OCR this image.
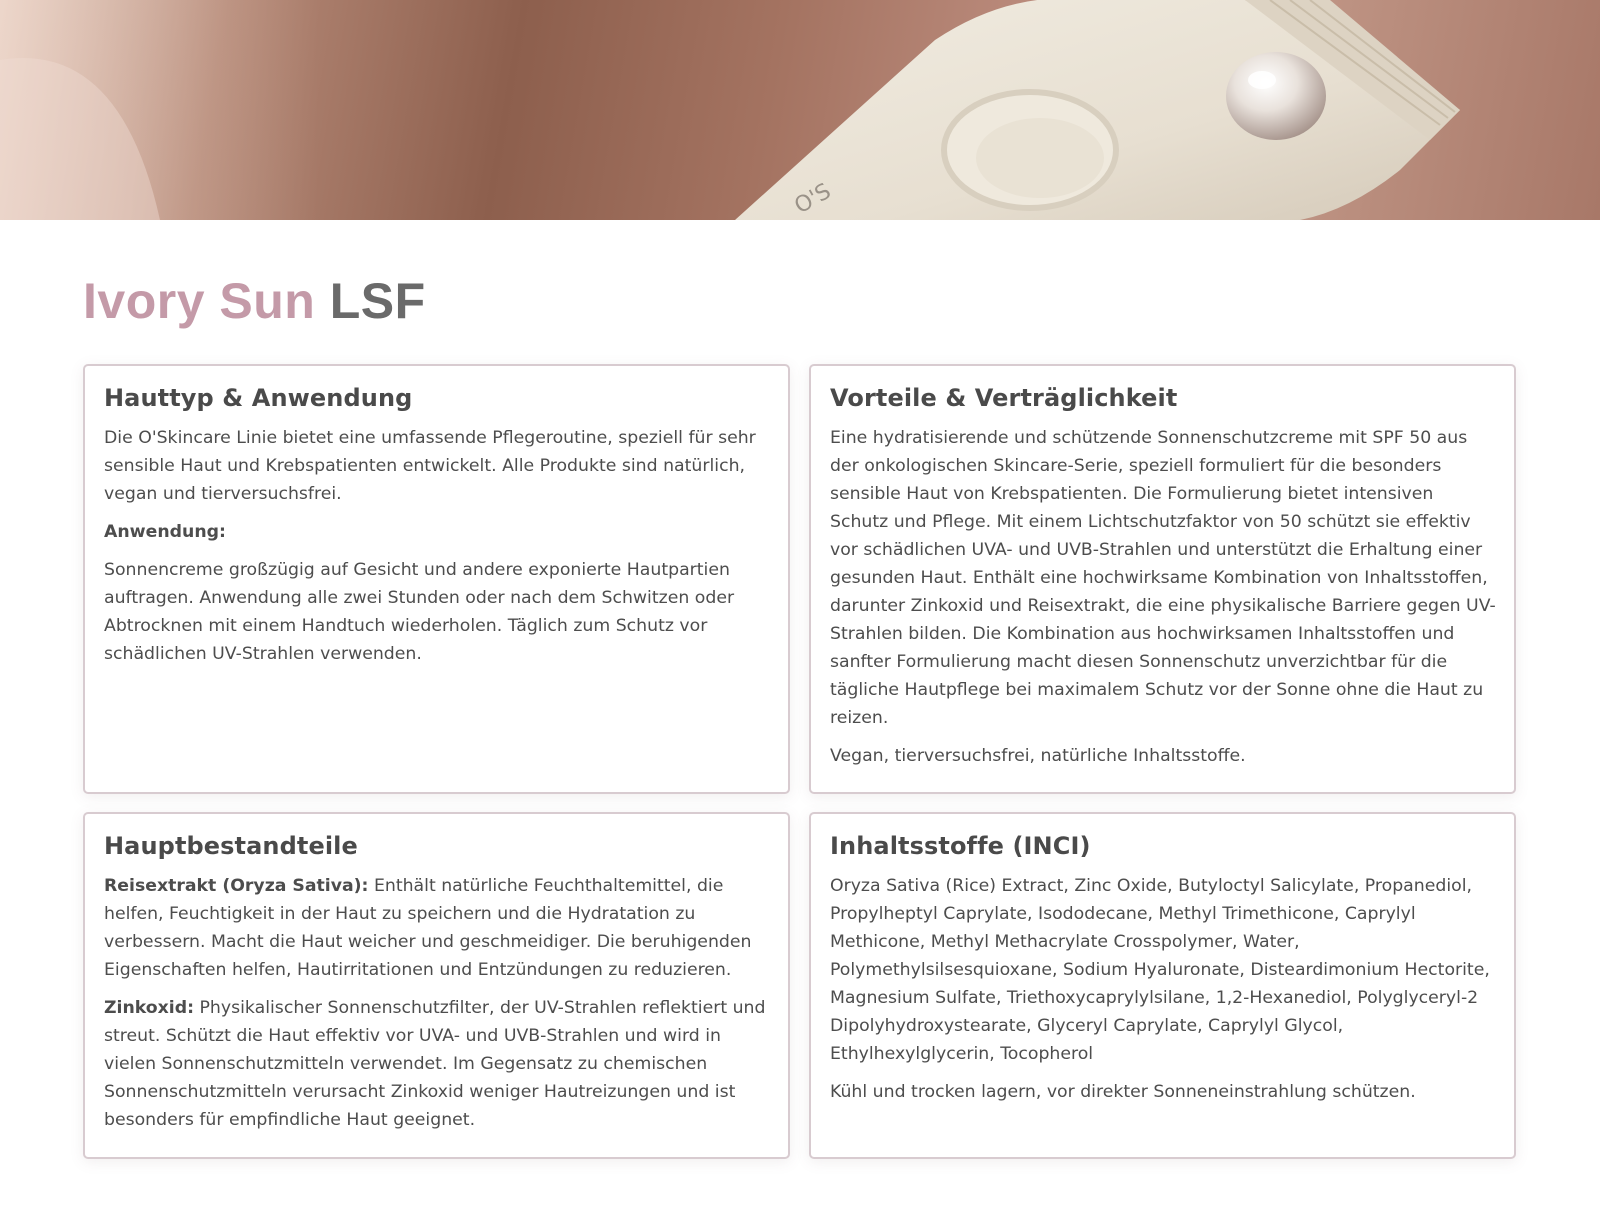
O'S
Ivory Sun LSF
Hauttyp & Anwendung

Die O'Skincare Linie bietet eine umfassende Pflegeroutine, speziell für sehr sensible Haut und Krebspatienten entwickelt. Alle Produkte sind natürlich, vegan und tierversuchsfrei.

Anwendung:

Sonnencreme großzügig auf Gesicht und andere exponierte Hautpartien auftragen. Anwendung alle zwei Stunden oder nach dem Schwitzen oder Abtrocknen mit einem Handtuch wiederholen. Täglich zum Schutz vor schädlichen UV-Strahlen verwenden.

Vorteile & Verträglichkeit

Eine hydratisierende und schützende Sonnenschutzcreme mit SPF 50 aus der onkologischen Skincare-Serie, speziell formuliert für die besonders sensible Haut von Krebspatienten. Die Formulierung bietet intensiven Schutz und Pflege. Mit einem Lichtschutzfaktor von 50 schützt sie effektiv vor schädlichen UVA- und UVB-Strahlen und unterstützt die Erhaltung einer gesunden Haut. Enthält eine hochwirksame Kombination von Inhaltsstoffen, darunter Zinkoxid und Reisextrakt, die eine physikalische Barriere gegen UV-Strahlen bilden. Die Kombination aus hochwirksamen Inhaltsstoffen und sanfter Formulierung macht diesen Sonnenschutz unverzichtbar für die tägliche Hautpflege bei maximalem Schutz vor der Sonne ohne die Haut zu reizen.

Vegan, tierversuchsfrei, natürliche Inhaltsstoffe.

Hauptbestandteile

Reisextrakt (Oryza Sativa): Enthält natürliche Feuchthaltemittel, die helfen, Feuchtigkeit in der Haut zu speichern und die Hydratation zu verbessern. Macht die Haut weicher und geschmeidiger. Die beruhigenden Eigenschaften helfen, Hautirritationen und Entzündungen zu reduzieren.

Zinkoxid: Physikalischer Sonnenschutzfilter, der UV-Strahlen reflektiert und streut. Schützt die Haut effektiv vor UVA- und UVB-Strahlen und wird in vielen Sonnenschutzmitteln verwendet. Im Gegensatz zu chemischen Sonnenschutzmitteln verursacht Zinkoxid weniger Hautreizungen und ist besonders für empfindliche Haut geeignet.

Inhaltsstoffe (INCI)

Oryza Sativa (Rice) Extract, Zinc Oxide, Butyloctyl Salicylate, Propanediol, Propylheptyl Caprylate, Isododecane, Methyl Trimethicone, Caprylyl Methicone, Methyl Methacrylate Crosspolymer, Water, Polymethylsilsesquioxane, Sodium Hyaluronate, Disteardimonium Hectorite, Magnesium Sulfate, Triethoxycaprylylsilane, 1,2-Hexanediol, Polyglyceryl-2 Dipolyhydroxystearate, Glyceryl Caprylate, Caprylyl Glycol, Ethylhexylglycerin, Tocopherol

Kühl und trocken lagern, vor direkter Sonneneinstrahlung schützen.
